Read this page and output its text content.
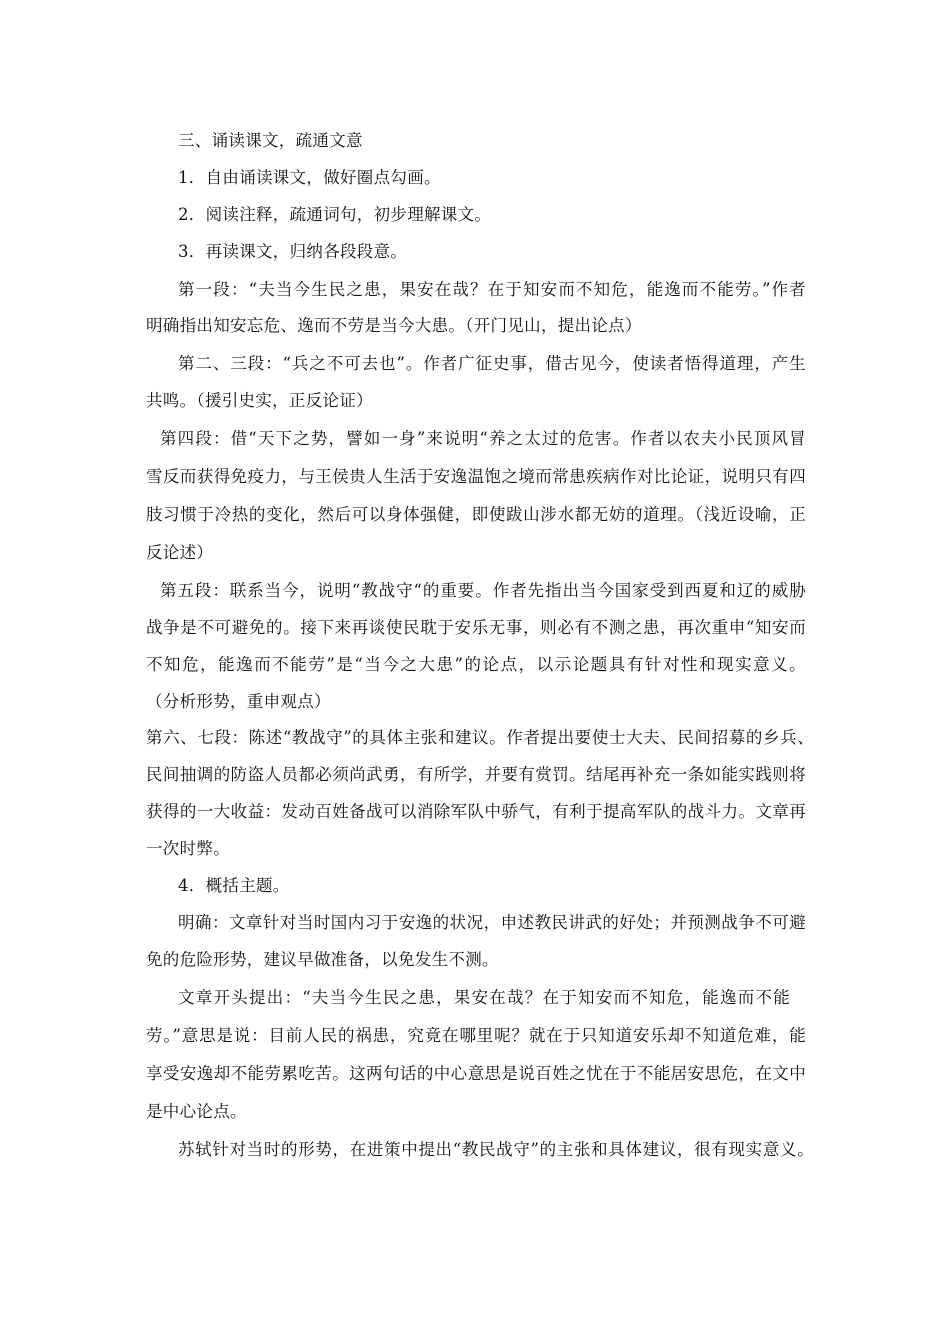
三、诵读课文，疏通文意
1．自由诵读课文，做好圈点勾画。
2．阅读注释，疏通词句，初步理解课文。
3．再读课文，归纳各段段意。
第一段：“夫当今生民之患，果安在哉？在于知安而不知危，能逸而不能劳。”作者
明确指出知安忘危、逸而不劳是当今大患。（开门见山，提出论点）
第二、三段：“兵之不可去也”。作者广征史事，借古见今，使读者悟得道理，产生
共鸣。（援引史实，正反论证）
第四段：借“天下之势，譬如一身”来说明“养之太过的危害。作者以农夫小民顶风冒
雪反而获得免疫力，与王侯贵人生活于安逸温饱之境而常患疾病作对比论证，说明只有四
肢习惯于冷热的变化，然后可以身体强健，即使跋山涉水都无妨的道理。（浅近设喻，正
反论述）
第五段：联系当今，说明“教战守“的重要。作者先指出当今国家受到西夏和辽的威胁
战争是不可避免的。接下来再谈使民耽于安乐无事，则必有不测之患，再次重申“知安而
不知危，能逸而不能劳”是“当今之大患”的论点，以示论题具有针对性和现实意义。
（分析形势，重申观点）
第六、七段：陈述“教战守”的具体主张和建议。作者提出要使士大夫、民间招募的乡兵、
民间抽调的防盗人员都必须尚武勇，有所学，并要有赏罚。结尾再补充一条如能实践则将
获得的一大收益：发动百姓备战可以消除军队中骄气，有利于提高军队的战斗力。文章再
一次时弊。
4．概括主题。
明确：文章针对当时国内习于安逸的状况，申述教民讲武的好处；并预测战争不可避
免的危险形势，建议早做准备，以免发生不测。
文章开头提出：“夫当今生民之患，果安在哉？在于知安而不知危，能逸而不能
劳。”意思是说：目前人民的祸患，究竟在哪里呢？就在于只知道安乐却不知道危难，能
享受安逸却不能劳累吃苦。这两句话的中心意思是说百姓之忧在于不能居安思危，在文中
是中心论点。
苏轼针对当时的形势，在进策中提出“教民战守”的主张和具体建议，很有现实意义。
